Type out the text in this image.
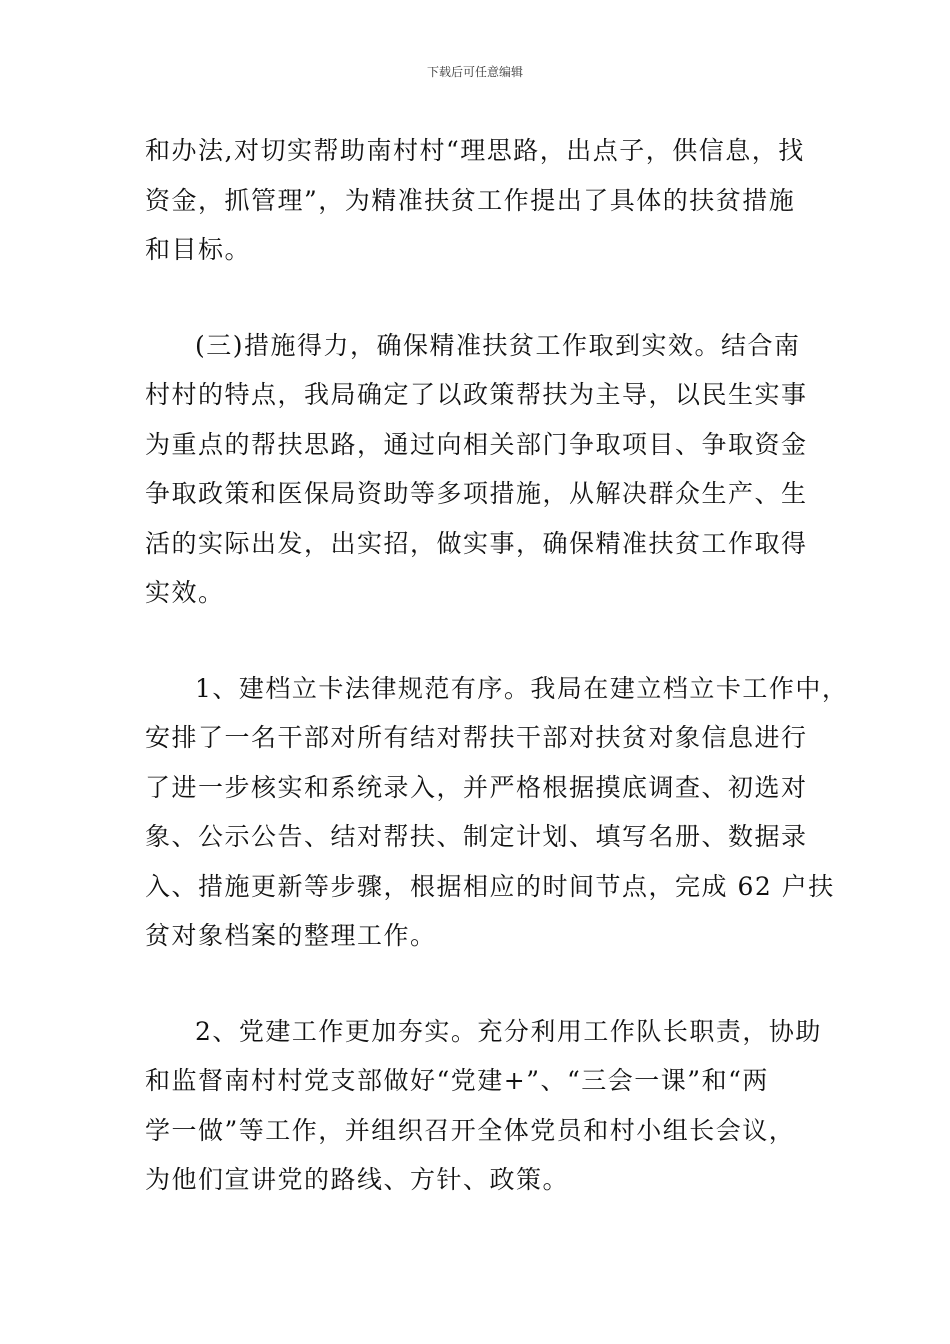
下载后可任意编辑

和办法,对切实帮助南村村“理思路，出点子，供信息，找
资金，抓管理”，为精准扶贫工作提出了具体的扶贫措施
和目标。

(三)措施得力，确保精准扶贫工作取到实效。结合南
村村的特点，我局确定了以政策帮扶为主导，以民生实事
为重点的帮扶思路，通过向相关部门争取项目、争取资金
争取政策和医保局资助等多项措施，从解决群众生产、生
活的实际出发，出实招，做实事，确保精准扶贫工作取得
实效。

1、建档立卡法律规范有序。我局在建立档立卡工作中，
安排了一名干部对所有结对帮扶干部对扶贫对象信息进行
了进一步核实和系统录入，并严格根据摸底调查、初选对
象、公示公告、结对帮扶、制定计划、填写名册、数据录
入、措施更新等步骤，根据相应的时间节点，完成 62 户扶
贫对象档案的整理工作。

2、党建工作更加夯实。充分利用工作队长职责，协助
和监督南村村党支部做好“党建+”、“三会一课”和“两
学一做”等工作，并组织召开全体党员和村小组长会议，
为他们宣讲党的路线、方针、政策。
